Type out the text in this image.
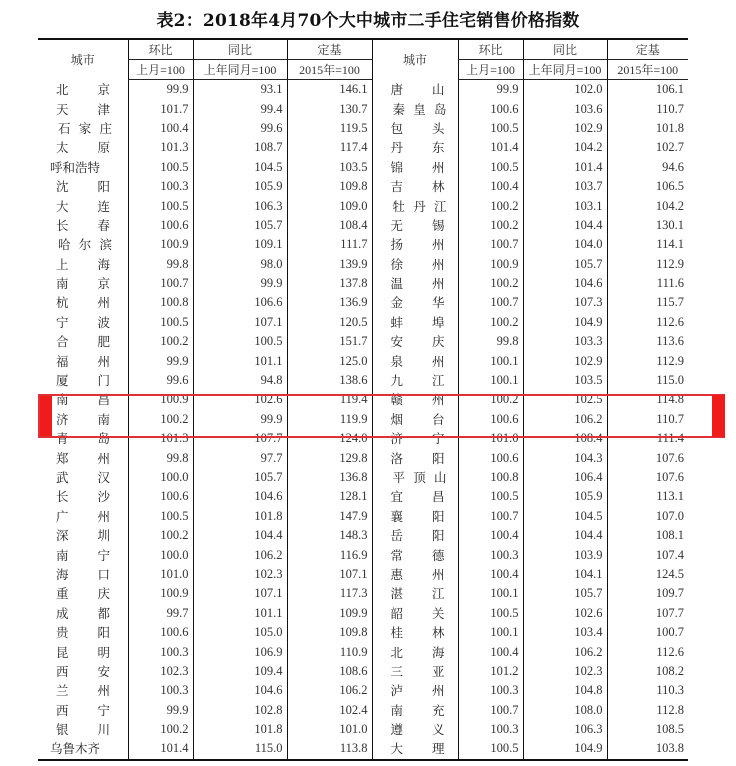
表2：2018年4月70个大中城市二手住宅销售价格指数
城市	环比	同比	定基	城市	环比	同比	定基
	上月=100	上年同月=100	2015年=100		上月=100	上年同月=100	2015年=100

北 京	99.9	93.1	146.1	唐 山	99.9	102.0	106.1

天 津	101.7	99.4	130.7	秦 皇 岛	100.6	103.6	110.7

石 家 庄	100.4	99.6	119.5	包 头	100.5	102.9	101.8

太 原	101.3	108.7	117.4	丹 东	101.4	104.2	102.7

呼和浩特	100.5	104.5	103.5	锦 州	100.5	101.4	94.6

沈 阳	100.3	105.9	109.8	吉 林	100.4	103.7	106.5

大 连	100.5	106.3	109.0	牡 丹 江	100.2	103.1	104.2

长 春	100.6	105.7	108.4	无 锡	100.2	104.4	130.1

哈 尔 滨	100.9	109.1	111.7	扬 州	100.7	104.0	114.1

上 海	99.8	98.0	139.9	徐 州	100.9	105.7	112.9

南 京	100.7	99.9	137.8	温 州	100.2	104.6	111.6

杭 州	100.8	106.6	136.9	金 华	100.7	107.3	115.7

宁 波	100.5	107.1	120.5	蚌 埠	100.2	104.9	112.6

合 肥	100.2	100.5	151.7	安 庆	99.8	103.3	113.6

福 州	99.9	101.1	125.0	泉 州	100.1	102.9	112.9

厦 门	99.6	94.8	138.6	九 江	100.1	103.5	115.0

南 昌	100.9	102.6	119.4	赣 州	100.2	102.5	114.8

济 南	100.2	99.9	119.9	烟 台	100.6	106.2	110.7

青 岛	101.3	107.7	124.0	济 宁	101.0	108.4	111.4

郑 州	99.8	97.7	129.8	洛 阳	100.6	104.3	107.6

武 汉	100.0	105.7	136.8	平 顶 山	100.8	106.4	107.6

长 沙	100.6	104.6	128.1	宜 昌	100.5	105.9	113.1

广 州	100.5	101.8	147.9	襄 阳	100.7	104.5	107.0

深 圳	100.2	104.4	148.3	岳 阳	100.4	104.4	108.1

南 宁	100.0	106.2	116.9	常 德	100.3	103.9	107.4

海 口	101.0	102.3	107.1	惠 州	100.4	104.1	124.5

重 庆	100.9	107.1	117.3	湛 江	100.1	105.7	109.7

成 都	99.7	101.1	109.9	韶 关	100.5	102.6	107.7

贵 阳	100.6	105.0	109.8	桂 林	100.1	103.4	100.7

昆 明	100.3	106.9	110.9	北 海	100.4	106.2	112.6

西 安	102.3	109.4	108.6	三 亚	101.2	102.3	108.2

兰 州	100.3	104.6	106.2	泸 州	100.3	104.8	110.3

西 宁	99.9	102.8	102.4	南 充	100.7	108.0	112.8

银 川	100.2	101.8	101.0	遵 义	100.3	106.3	108.5

乌鲁木齐	101.4	115.0	113.8	大 理	100.5	104.9	103.8
